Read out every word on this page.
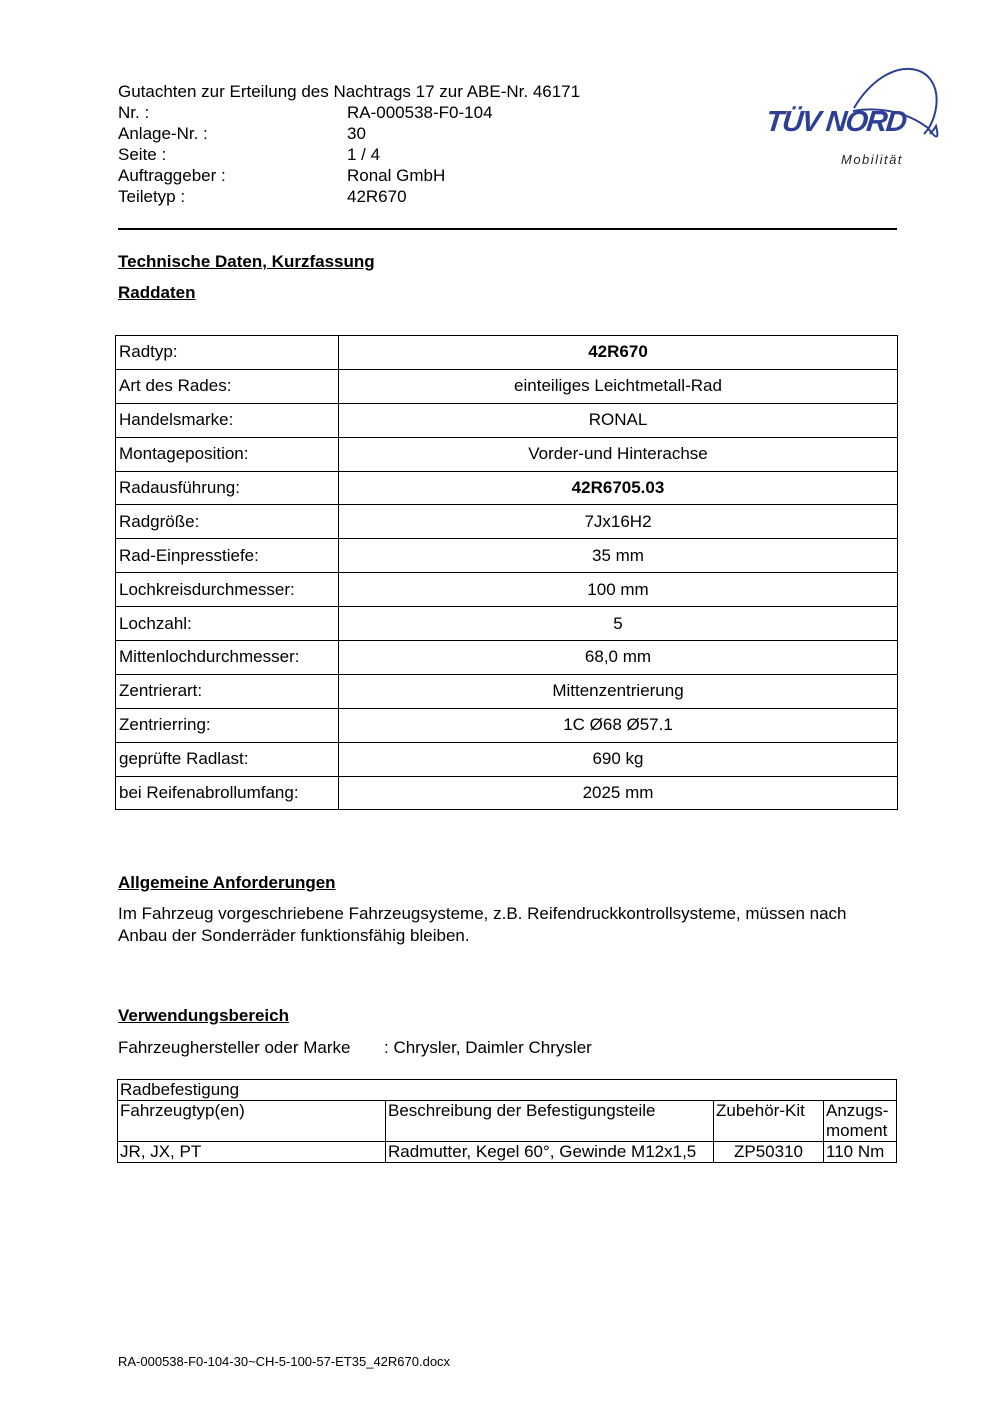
Gutachten zur Erteilung des Nachtrags 17 zur ABE-Nr. 46171
Nr. :	RA-000538-F0-104
Anlage-Nr. :	30
Seite :	1 / 4
Auftraggeber :	Ronal GmbH
Teiletyp :	42R670
TÜV NORD
Mobilität
Technische Daten, Kurzfassung
Raddaten
Radtyp:	42R670
Art des Rades:	einteiliges Leichtmetall-Rad
Handelsmarke:	RONAL
Montageposition:	Vorder-und Hinterachse
Radausführung:	42R6705.03
Radgröße:	7Jx16H2
Rad-Einpresstiefe:	35 mm
Lochkreisdurchmesser:	100 mm
Lochzahl:	5
Mittenlochdurchmesser:	68,0 mm
Zentrierart:	Mittenzentrierung
Zentrierring:	1C Ø68 Ø57.1
geprüfte Radlast:	690 kg
bei Reifenabrollumfang:	2025 mm
Allgemeine Anforderungen
Im Fahrzeug vorgeschriebene Fahrzeugsysteme, z.B. Reifendruckkontrollsysteme, müssen nach Anbau der Sonderräder funktionsfähig bleiben.
Verwendungsbereich
Fahrzeughersteller oder Marke	: Chrysler, Daimler Chrysler
Radbefestigung			
Fahrzeugtyp(en)	Beschreibung der Befestigungsteile	Zubehör-Kit	Anzugs-moment
JR, JX, PT	Radmutter, Kegel 60°, Gewinde M12x1,5	ZP50310	110 Nm
RA-000538-F0-104-30~CH-5-100-57-ET35_42R670.docx
